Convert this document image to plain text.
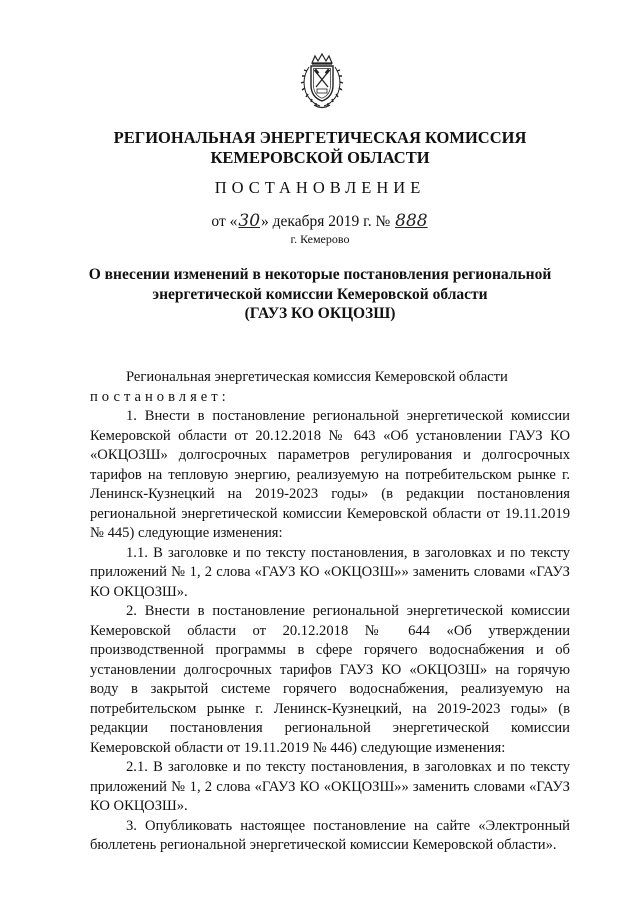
РЕГИОНАЛЬНАЯ ЭНЕРГЕТИЧЕСКАЯ КОМИССИЯ
КЕМЕРОВСКОЙ ОБЛАСТИ
ПОСТАНОВЛЕНИЕ
от «30» декабря 2019 г. № 888
г. Кемерово
О внесении изменений в некоторые постановления региональной
энергетической комиссии Кемеровской области
(ГАУЗ КО ОКЦОЗШ)

Региональная энергетическая комиссия Кемеровской области

постановляет:

1. Внести в постановление региональной энергетической комиссии Кемеровской области от 20.12.2018 № 643 «Об установлении ГАУЗ КО «ОКЦОЗШ» долгосрочных параметров регулирования и долгосрочных тарифов на тепловую энергию, реализуемую на потребительском рынке г. Ленинск-Кузнецкий на 2019-2023 годы» (в редакции постановления региональной энергетической комиссии Кемеровской области от 19.11.2019 № 445) следующие изменения:

1.1. В заголовке и по тексту постановления, в заголовках и по тексту приложений № 1, 2 слова «ГАУЗ КО «ОКЦОЗШ»» заменить словами «ГАУЗ КО ОКЦОЗШ».

2. Внести в постановление региональной энергетической комиссии Кемеровской области от 20.12.2018 № 644 «Об утверждении производственной программы в сфере горячего водоснабжения и об установлении долгосрочных тарифов ГАУЗ КО «ОКЦОЗШ» на горячую воду в закрытой системе горячего водоснабжения, реализуемую на потребительском рынке г. Ленинск-Кузнецкий, на 2019-2023 годы» (в редакции постановления региональной энергетической комиссии Кемеровской области от 19.11.2019 № 446) следующие изменения:

2.1. В заголовке и по тексту постановления, в заголовках и по тексту приложений № 1, 2 слова «ГАУЗ КО «ОКЦОЗШ»» заменить словами «ГАУЗ КО ОКЦОЗШ».

3. Опубликовать настоящее постановление на сайте «Электронный бюллетень региональной энергетической комиссии Кемеровской области».
